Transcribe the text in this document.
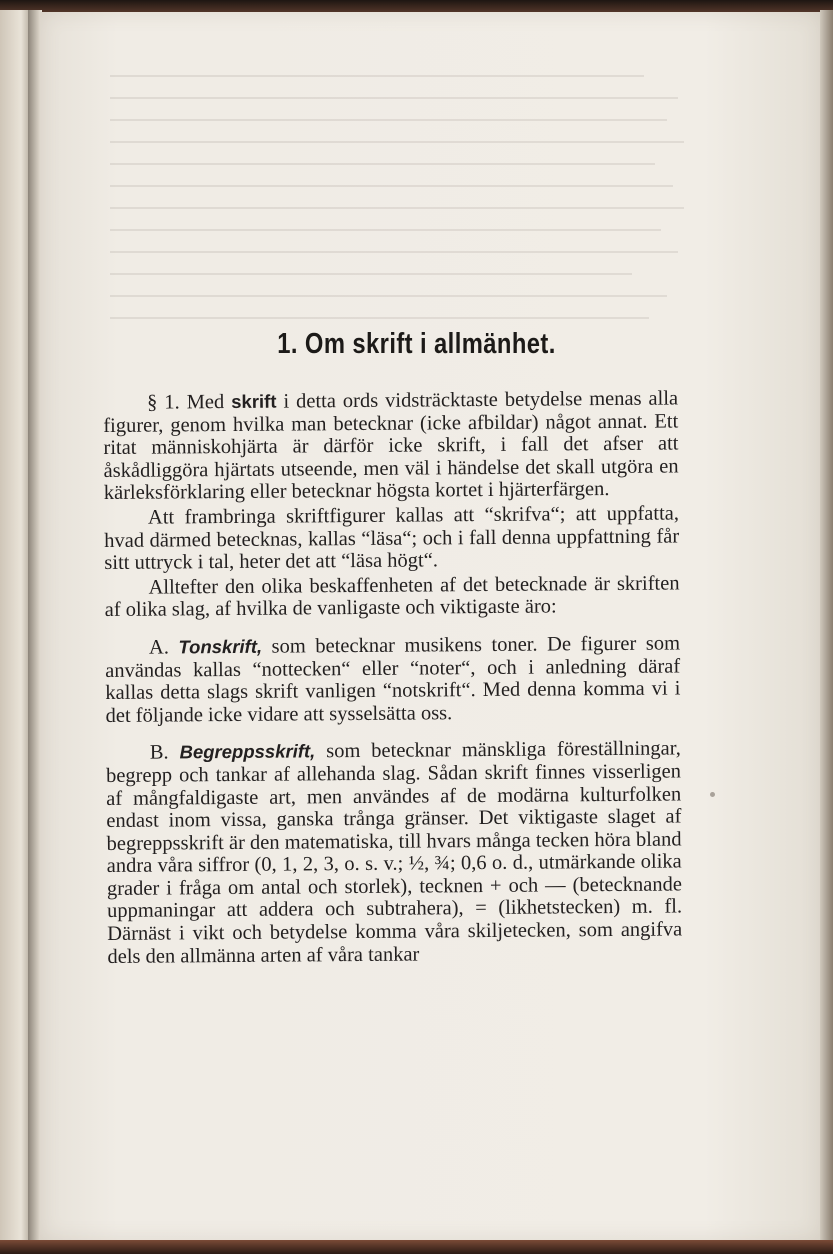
1. Om skrift i allmänhet.

§ 1. Med skrift i detta ords vidsträcktaste betydelse menas alla figurer, genom hvilka man betecknar (icke afbildar) något annat. Ett ritat människohjärta är därför icke skrift, i fall det afser att åskådliggöra hjärtats utseende, men väl i händelse det skall utgöra en kärleksförklaring eller betecknar högsta kortet i hjärterfärgen.

Att frambringa skriftfigurer kallas att “skrifva“; att uppfatta, hvad därmed betecknas, kallas “läsa“; och i fall denna uppfattning får sitt uttryck i tal, heter det att “läsa högt“.

Alltefter den olika beskaffenheten af det betecknade är skriften af olika slag, af hvilka de vanligaste och viktigaste äro:

A. Tonskrift, som betecknar musikens toner. De figurer som användas kallas “nottecken“ eller “noter“, och i anledning däraf kallas detta slags skrift vanligen “notskrift“. Med denna komma vi i det följande icke vidare att sysselsätta oss.

B. Begreppsskrift, som betecknar mänskliga föreställningar, begrepp och tankar af allehanda slag. Sådan skrift finnes visserligen af mångfaldigaste art, men användes af de modärna kulturfolken endast inom vissa, ganska trånga gränser. Det viktigaste slaget af begreppsskrift är den matematiska, till hvars många tecken höra bland andra våra siffror (0, 1, 2, 3, o. s. v.; ½, ¾; 0,6 o. d., utmärkande olika grader i fråga om antal och storlek), tecknen + och — (betecknande uppmaningar att addera och subtrahera), = (likhetstecken) m. fl. Därnäst i vikt och betydelse komma våra skiljetecken, som angifva dels den allmänna arten af våra tankar
